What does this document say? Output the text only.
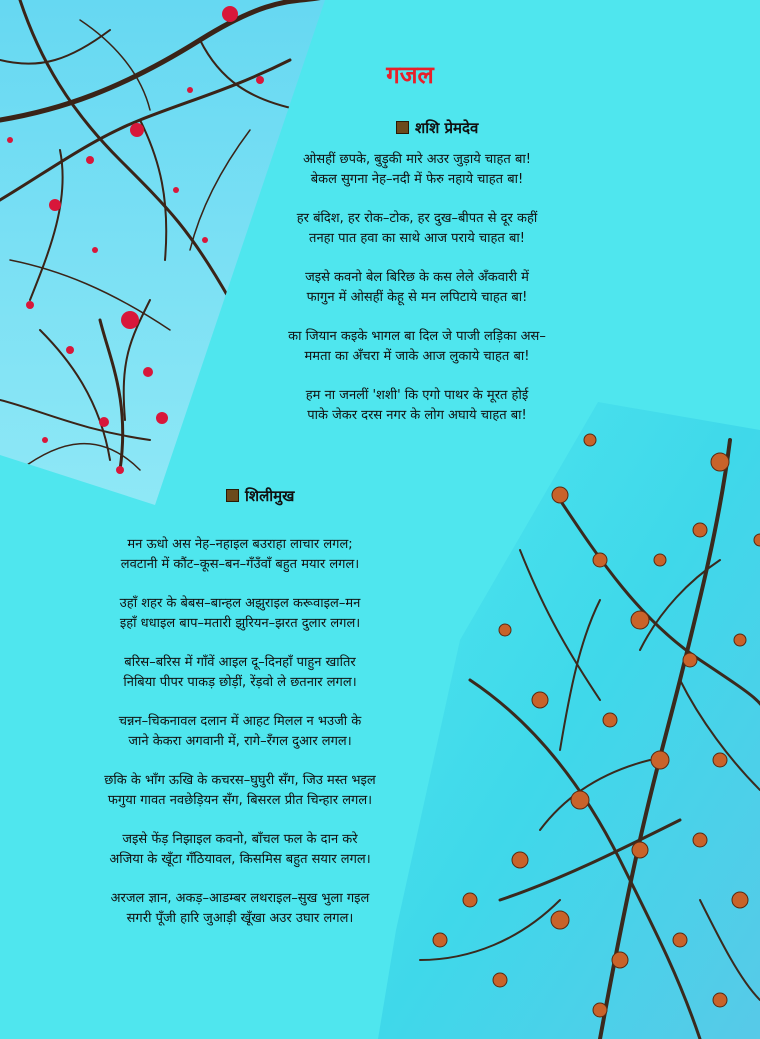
गजल
शशि प्रेमदेव
ओसहीं छपके, बुड़ुकी मारे अउर जुड़ाये चाहत बा!
बेकल सुगना नेह–नदी में फेरु नहाये चाहत बा!
हर बंदिश, हर रोक–टोक, हर दुख–बीपत से दूर कहीं
तनहा पात हवा का साथे आज पराये चाहत बा!
जइसे कवनो बेल बिरिछ के कस लेले अँकवारी में
फागुन में ओसहीं केहू से मन लपिटाये चाहत बा!
का जियान कइके भागल बा दिल जे पाजी लड़िका अस–
ममता का अँचरा में जाके आज लुकाये चाहत बा!
हम ना जनलीं 'शशी' कि एगो पाथर के मूरत होई
पाके जेकर दरस नगर के लोग अघाये चाहत बा!
शिलीमुख
मन ऊधो अस नेह–नहाइल बउराहा लाचार लगल;
लवटानी में कौंट–कूस–बन–गँउँवाँ बहुत मयार लगल।
उहाँ शहर के बेबस–बान्हल अझुराइल करूवाइल–मन
इहाँ धधाइल बाप–मतारी झुरियन–झरत दुलार लगल।
बरिस–बरिस में गाँवें आइल दू–दिनहाँ पाहुन खातिर
निबिया पीपर पाकड़ छोड़ीं, रेंड़वो ले छतनार लगल।
चन्नन–चिकनावल दलान में आहट मिलल न भउजी के
जाने केकरा अगवानी में, रागे–रँगल दुआर लगल।
छकि के भाँग ऊखि के कचरस–घुघुरी सँग, जिउ मस्त भइल
फगुया गावत नवछेड़ियन सँग, बिसरल प्रीत चिन्हार लगल।
जइसे फेंड़ निझाइल कवनो, बाँचल फल के दान करे
अजिया के खूँटा गँठियावल, किसमिस बहुत सयार लगल।
अरजल ज्ञान, अकड़–आडम्बर लथराइल–सुख भुला गइल
सगरी पूँजी हारि जुआड़ी खूँखा अउर उघार लगल।
